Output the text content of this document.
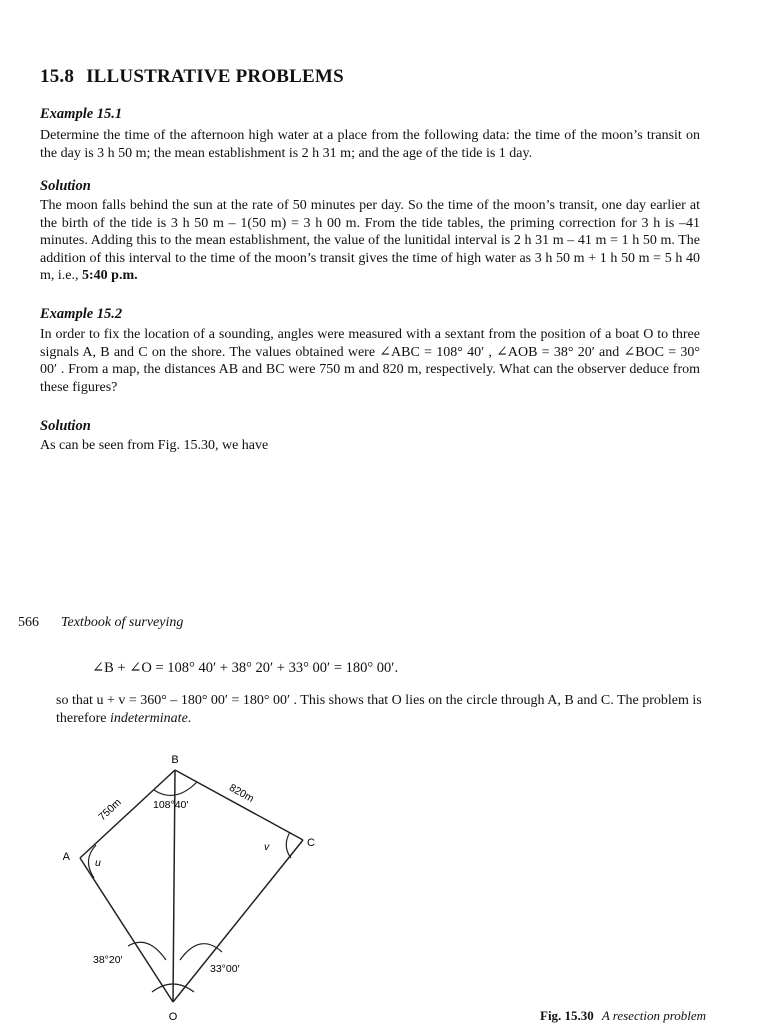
15.8 ILLUSTRATIVE PROBLEMS
Example 15.1
Determine the time of the afternoon high water at a place from the following data: the time of the moon’s transit on the day is 3 h 50 m; the mean establishment is 2 h 31 m; and the age of the tide is 1 day.
Solution
The moon falls behind the sun at the rate of 50 minutes per day. So the time of the moon’s transit, one day earlier at the birth of the tide is 3 h 50 m – 1(50 m) = 3 h 00 m. From the tide tables, the priming correction for 3 h is –41 minutes. Adding this to the mean establishment, the value of the lunitidal interval is 2 h 31 m – 41 m = 1 h 50 m. The addition of this interval to the time of the moon’s transit gives the time of high water as 3 h 50 m + 1 h 50 m = 5 h 40 m, i.e., 5:40 p.m.
Example 15.2
In order to fix the location of a sounding, angles were measured with a sextant from the position of a boat O to three signals A, B and C on the shore. The values obtained were ∠ABC = 108° 40′ , ∠AOB = 38° 20′ and ∠BOC = 30° 00′ . From a map, the distances AB and BC were 750 m and 820 m, respectively. What can the observer deduce from these figures?
Solution
As can be seen from Fig. 15.30, we have
566 Textbook of surveying
∠B + ∠O = 108° 40′ + 38° 20′ + 33° 00′ = 180° 00′.
so that u + v = 360° – 180° 00′ = 180° 00′ . This shows that O lies on the circle through A, B and C. The problem is therefore indeterminate.
B
A
C
O
750m
820m
108°40′
u
v
38°20′
33°00′
Fig. 15.30 A resection problem
